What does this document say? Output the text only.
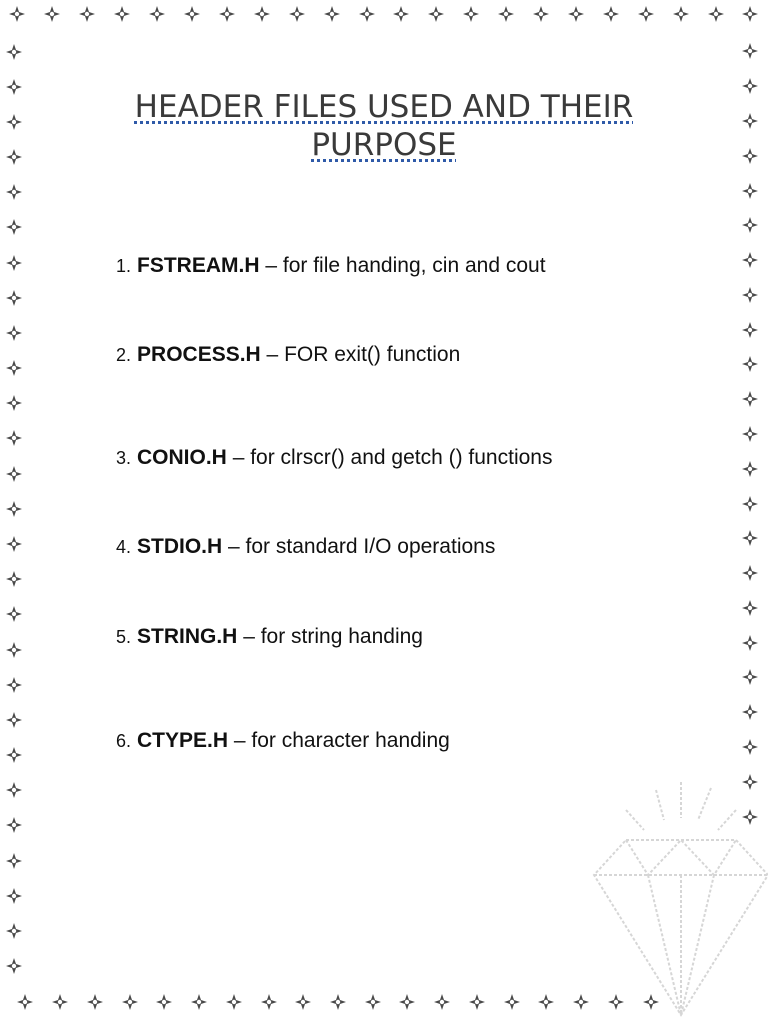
HEADER FILES USED AND THEIR PURPOSE
1. FSTREAM.H – for file handing, cin and cout
2. PROCESS.H – FOR exit() function
3. CONIO.H – for clrscr() and getch () functions
4. STDIO.H – for standard I/O operations
5. STRING.H – for string handing
6. CTYPE.H – for character handing
